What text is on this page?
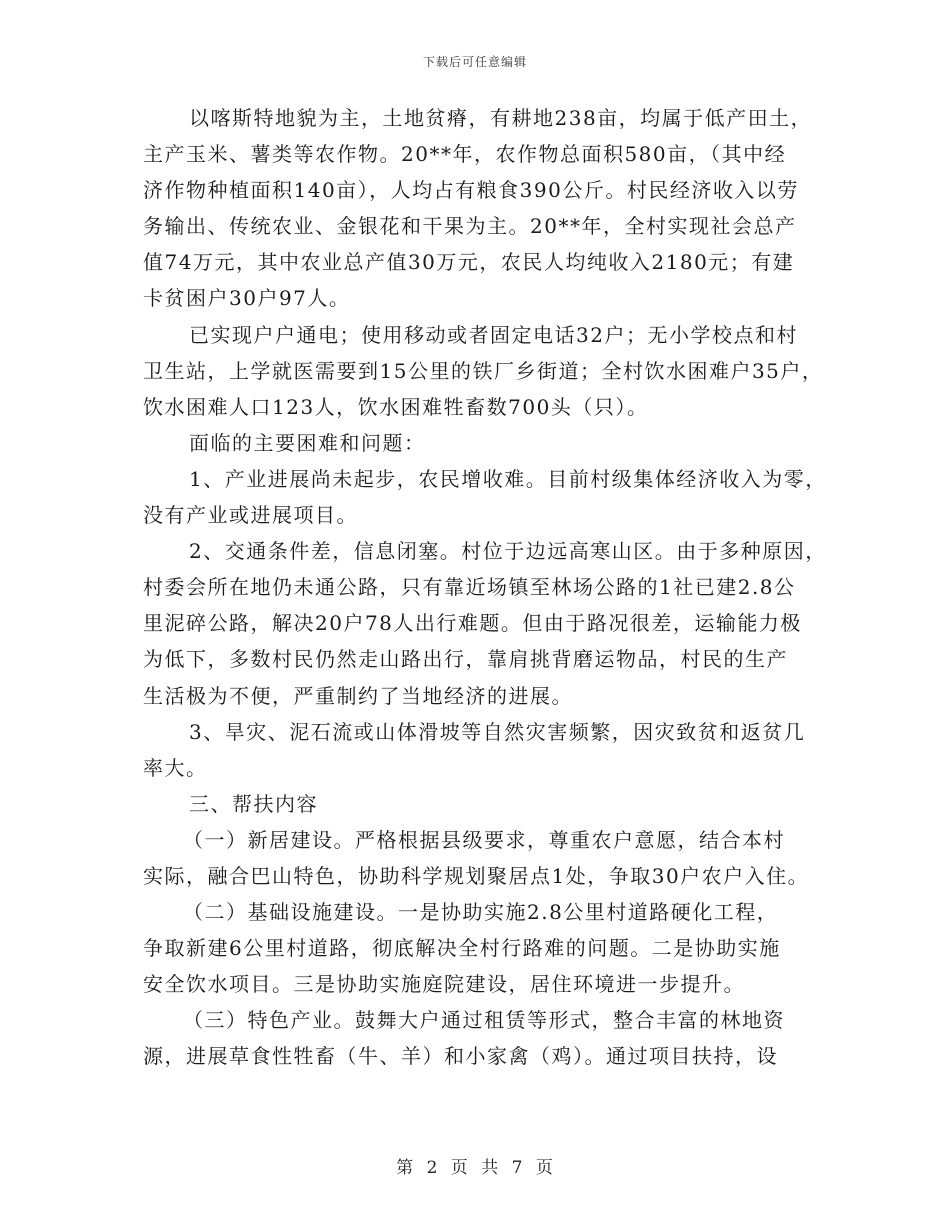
下载后可任意编辑
以喀斯特地貌为主，土地贫瘠，有耕地238亩，均属于低产田土，
主产玉米、薯类等农作物。20**年，农作物总面积580亩，（其中经
济作物种植面积140亩），人均占有粮食390公斤。村民经济收入以劳
务输出、传统农业、金银花和干果为主。20**年，全村实现社会总产
值74万元，其中农业总产值30万元，农民人均纯收入2180元；有建
卡贫困户30户97人。
已实现户户通电；使用移动或者固定电话32户；无小学校点和村
卫生站，上学就医需要到15公里的铁厂乡街道；全村饮水困难户35户，
饮水困难人口123人，饮水困难牲畜数700头（只）。
面临的主要困难和问题：
1、产业进展尚未起步，农民增收难。目前村级集体经济收入为零，
没有产业或进展项目。
2、交通条件差，信息闭塞。村位于边远高寒山区。由于多种原因，
村委会所在地仍未通公路，只有靠近场镇至林场公路的1社已建2.8公
里泥碎公路，解决20户78人出行难题。但由于路况很差，运输能力极
为低下，多数村民仍然走山路出行，靠肩挑背磨运物品，村民的生产
生活极为不便，严重制约了当地经济的进展。
3、旱灾、泥石流或山体滑坡等自然灾害频繁，因灾致贫和返贫几
率大。
三、帮扶内容
（一）新居建设。严格根据县级要求，尊重农户意愿，结合本村
实际，融合巴山特色，协助科学规划聚居点1处，争取30户农户入住。
（二）基础设施建设。一是协助实施2.8公里村道路硬化工程，
争取新建6公里村道路，彻底解决全村行路难的问题。二是协助实施
安全饮水项目。三是协助实施庭院建设，居住环境进一步提升。
（三）特色产业。鼓舞大户通过租赁等形式，整合丰富的林地资
源，进展草食性牲畜（牛、羊）和小家禽（鸡）。通过项目扶持，设
第 2 页 共 7 页
